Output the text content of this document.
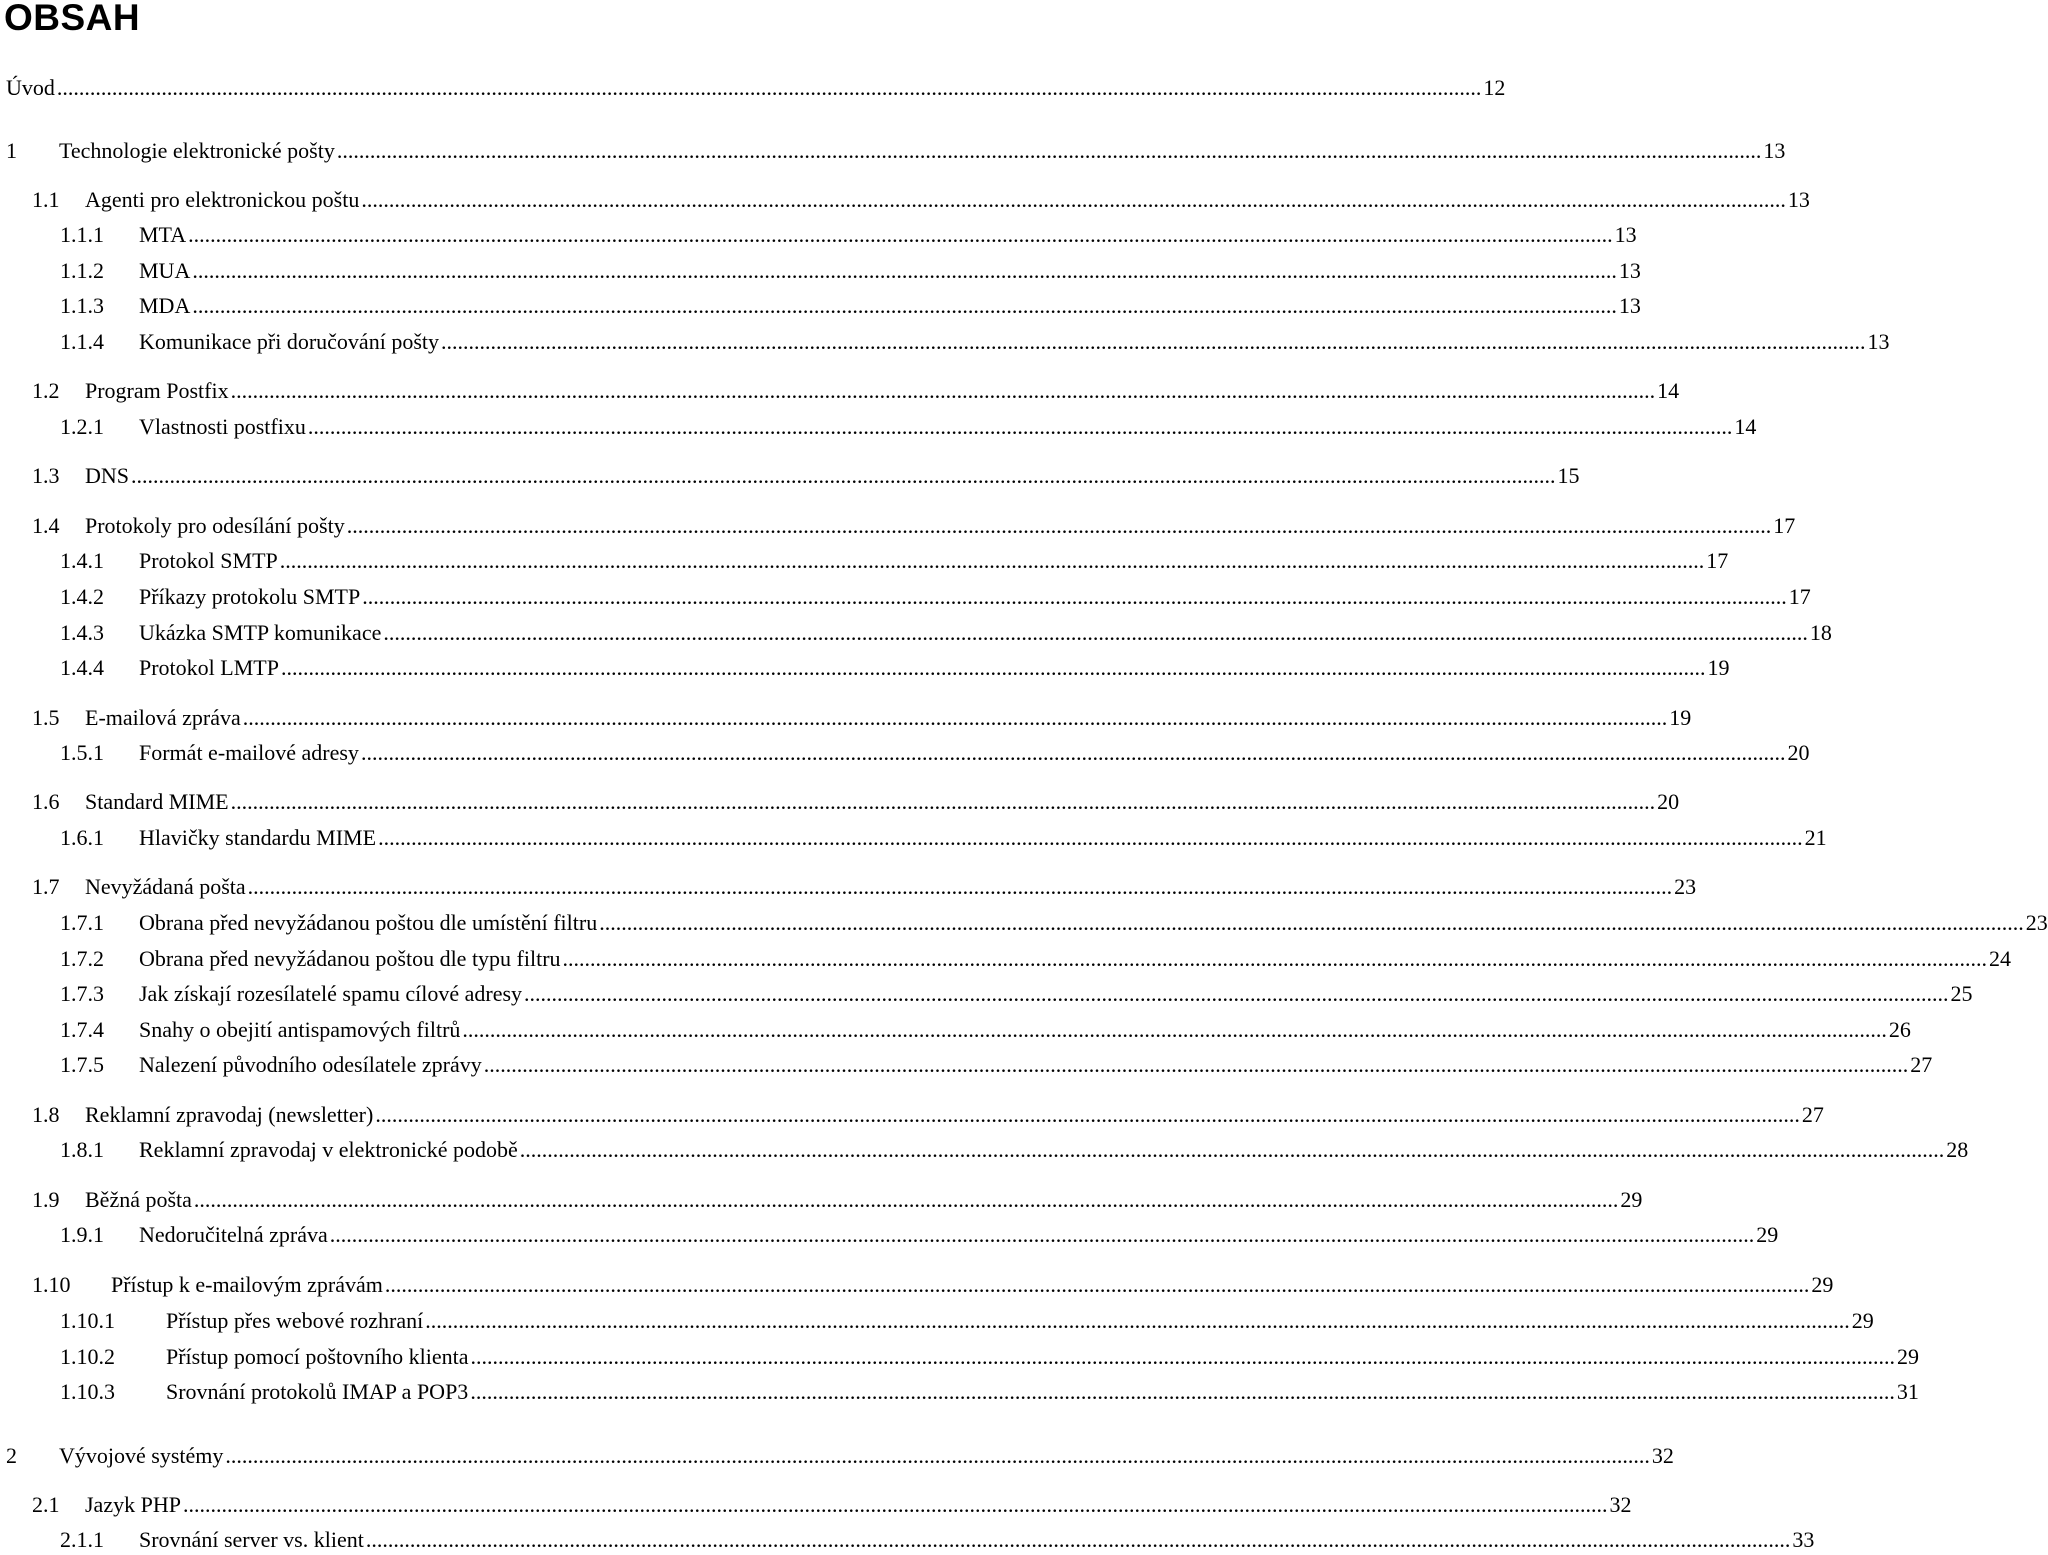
OBSAH
Úvod ................................................................................................................................................................................................................................................................... 12
1	Technologie elektronické pošty ................................................................................................................................................................................................................................................................... 13
1.1	Agenti pro elektronickou poštu ................................................................................................................................................................................................................................................................... 13
1.1.1	MTA ................................................................................................................................................................................................................................................................... 13
1.1.2	MUA ................................................................................................................................................................................................................................................................... 13
1.1.3	MDA ................................................................................................................................................................................................................................................................... 13
1.1.4	Komunikace při doručování pošty ................................................................................................................................................................................................................................................................... 13
1.2	Program Postfix ................................................................................................................................................................................................................................................................... 14
1.2.1	Vlastnosti postfixu ................................................................................................................................................................................................................................................................... 14
1.3	DNS ................................................................................................................................................................................................................................................................... 15
1.4	Protokoly pro odesílání pošty ................................................................................................................................................................................................................................................................... 17
1.4.1	Protokol SMTP ................................................................................................................................................................................................................................................................... 17
1.4.2	Příkazy protokolu SMTP ................................................................................................................................................................................................................................................................... 17
1.4.3	Ukázka SMTP komunikace ................................................................................................................................................................................................................................................................... 18
1.4.4	Protokol LMTP ................................................................................................................................................................................................................................................................... 19
1.5	E-mailová zpráva ................................................................................................................................................................................................................................................................... 19
1.5.1	Formát e-mailové adresy ................................................................................................................................................................................................................................................................... 20
1.6	Standard MIME ................................................................................................................................................................................................................................................................... 20
1.6.1	Hlavičky standardu MIME ................................................................................................................................................................................................................................................................... 21
1.7	Nevyžádaná pošta ................................................................................................................................................................................................................................................................... 23
1.7.1	Obrana před nevyžádanou poštou dle umístění filtru ................................................................................................................................................................................................................................................................... 23
1.7.2	Obrana před nevyžádanou poštou dle typu filtru ................................................................................................................................................................................................................................................................... 24
1.7.3	Jak získají rozesílatelé spamu cílové adresy ................................................................................................................................................................................................................................................................... 25
1.7.4	Snahy o obejití antispamových filtrů ................................................................................................................................................................................................................................................................... 26
1.7.5	Nalezení původního odesílatele zprávy ................................................................................................................................................................................................................................................................... 27
1.8	Reklamní zpravodaj (newsletter) ................................................................................................................................................................................................................................................................... 27
1.8.1	Reklamní zpravodaj v elektronické podobě ................................................................................................................................................................................................................................................................... 28
1.9	Běžná pošta ................................................................................................................................................................................................................................................................... 29
1.9.1	Nedoručitelná zpráva ................................................................................................................................................................................................................................................................... 29
1.10	Přístup k e-mailovým zprávám ................................................................................................................................................................................................................................................................... 29
1.10.1	Přístup přes webové rozhraní ................................................................................................................................................................................................................................................................... 29
1.10.2	Přístup pomocí poštovního klienta ................................................................................................................................................................................................................................................................... 29
1.10.3	Srovnání protokolů IMAP a POP3 ................................................................................................................................................................................................................................................................... 31
2	Vývojové systémy ................................................................................................................................................................................................................................................................... 32
2.1	Jazyk PHP ................................................................................................................................................................................................................................................................... 32
2.1.1	Srovnání server vs. klient ................................................................................................................................................................................................................................................................... 33
